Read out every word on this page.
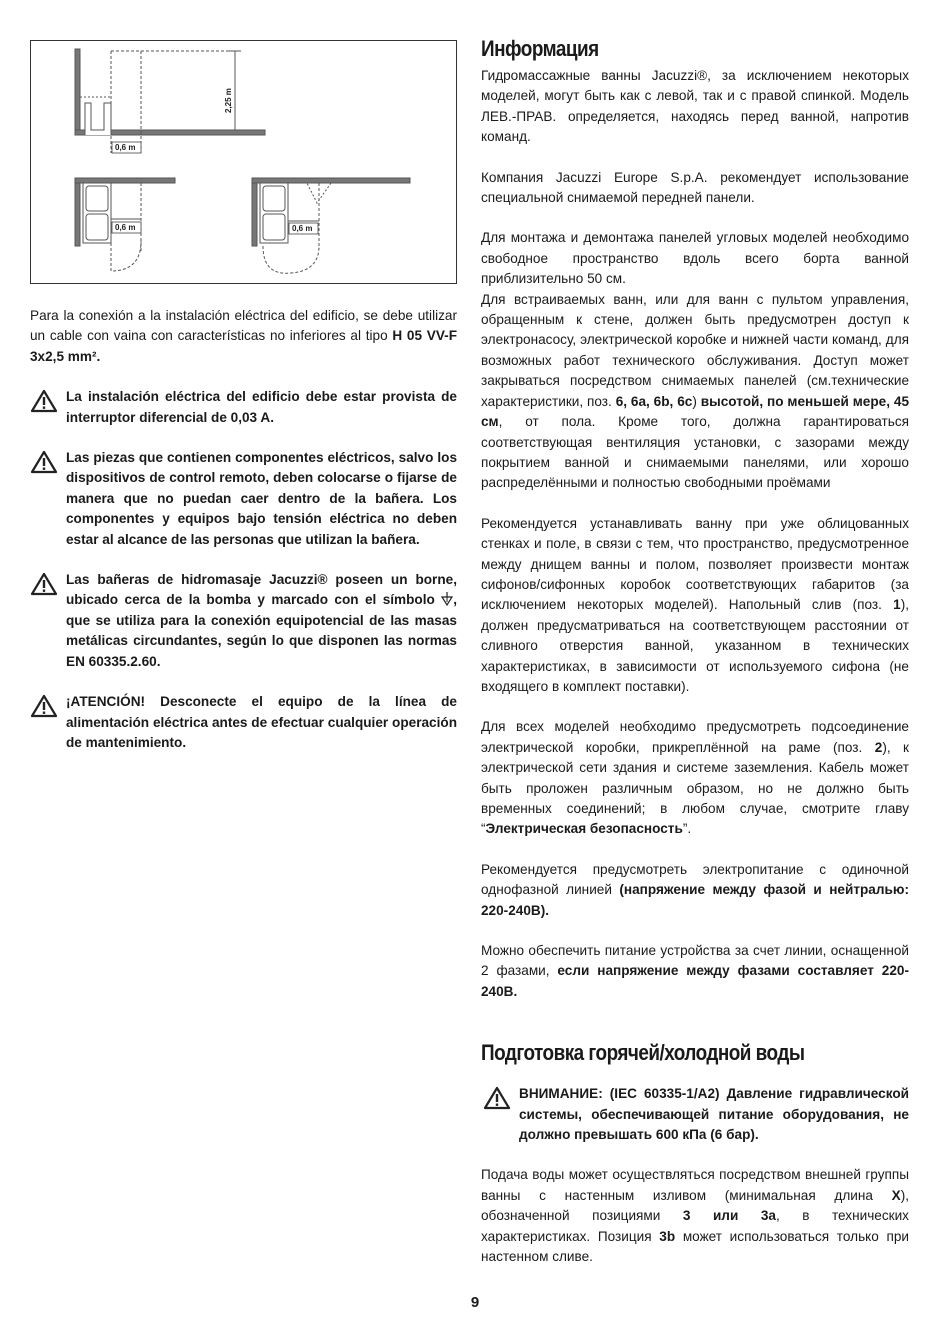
2,25 m
0,6 m
0,6 m	0,6 m

Para la conexión a la instalación eléctrica del edificio, se debe utilizar un cable con vaina con características no inferiores al tipo H 05 VV-F 3x2,5 mm².

La instalación eléctrica del edificio debe estar provista de interruptor diferencial de 0,03 A.

Las piezas que contienen componentes eléctricos, salvo los dispositivos de control remoto, deben colocarse o fijarse de manera que no puedan caer dentro de la bañera. Los componentes y equipos bajo tensión eléctrica no deben estar al alcance de las personas que utilizan la bañera.

Las bañeras de hidromasaje Jacuzzi® poseen un borne, ubicado cerca de la bomba y marcado con el símbolo , que se utiliza para la conexión equipotencial de las masas metálicas circundantes, según lo que disponen las normas EN 60335.2.60.

¡ATENCIÓN! Desconecte el equipo de la línea de alimentación eléctrica antes de efectuar cualquier operación de mantenimiento.

Информация

Гидромассажные ванны Jacuzzi®, за исключением некоторых моделей, могут быть как с левой, так и с правой спинкой. Модель ЛЕВ.-ПРАВ. определяется, находясь перед ванной, напротив команд.

Компания Jacuzzi Europe S.p.A. рекомендует использование специальной снимаемой передней панели.

Для монтажа и демонтажа панелей угловых моделей необходимо свободное пространство вдоль всего борта ванной приблизительно 50 см.

Для встраиваемых ванн, или для ванн с пультом управления, обращенным к стене, должен быть предусмотрен доступ к электронасосу, электрической коробке и нижней части команд, для возможных работ технического обслуживания. Доступ может закрываться посредством снимаемых панелей (см.технические характеристики, поз. 6, 6a, 6b, 6c) высотой, по меньшей мере, 45 см, от пола. Кроме того, должна гарантироваться соответствующая вентиляция установки, с зазорами между покрытием ванной и снимаемыми панелями, или хорошо распределёнными и полностью свободными проёмами

Рекомендуется устанавливать ванну при уже облицованных стенках и поле, в связи с тем, что пространство, предусмотренное между днищем ванны и полом, позволяет произвести монтаж сифонов/сифонных коробок соответствующих габаритов (за исключением некоторых моделей). Напольный слив (поз. 1), должен предусматриваться на соответствующем расстоянии от сливного отверстия ванной, указанном в технических характеристиках, в зависимости от используемого сифона (не входящего в комплект поставки).

Для всех моделей необходимо предусмотреть подсоединение электрической коробки, прикреплённой на раме (поз. 2), к электрической сети здания и системе заземления. Кабель может быть проложен различным образом, но не должно быть временных соединений; в любом случае, смотрите главу “Электрическая безопасность”.

Рекомендуется предусмотреть электропитание с одиночной однофазной линией (напряжение между фазой и нейтралью: 220-240В).

Можно обеспечить питание устройства за счет линии, оснащенной 2 фазами, если напряжение между фазами составляет 220-240В.

Подготовка горячей/холодной воды

ВНИМАНИЕ: (IEC 60335-1/A2) Давление гидравлической системы, обеспечивающей питание оборудования, не должно превышать 600 кПа (6 бар).

Подача воды может осуществляться посредством внешней группы ванны с настенным изливом (минимальная длина X), обозначенной позициями 3 или 3a, в технических характеристиках. Позиция 3b может использоваться только при настенном сливе.

9
